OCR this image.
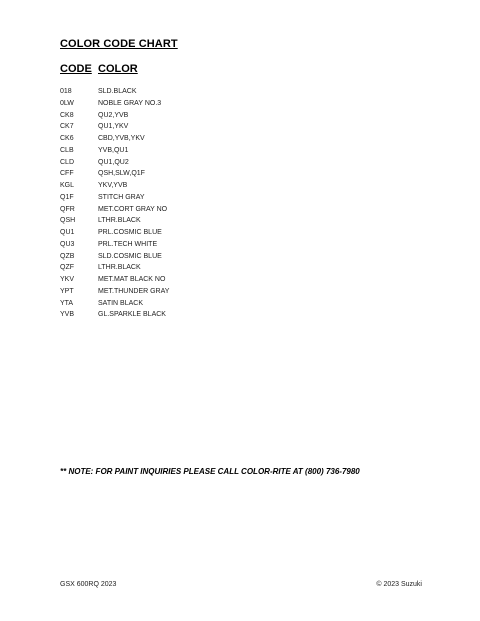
COLOR CODE CHART
CODE COLOR
018	SLD.BLACK
0LW	NOBLE GRAY NO.3
CK8	QU2,YVB
CK7	QU1,YKV
CK6	CBD,YVB,YKV
CLB	YVB,QU1
CLD	QU1,QU2
CFF	QSH,SLW,Q1F
KGL	YKV,YVB
Q1F	STITCH GRAY
QFR	MET.CORT GRAY NO
QSH	LTHR.BLACK
QU1	PRL.COSMIC BLUE
QU3	PRL.TECH WHITE
QZB	SLD.COSMIC BLUE
QZF	LTHR.BLACK
YKV	MET.MAT BLACK NO
YPT	MET.THUNDER GRAY
YTA	SATIN BLACK
YVB	GL.SPARKLE BLACK
** NOTE: FOR PAINT INQUIRIES PLEASE CALL COLOR-RITE AT (800) 736-7980
GSX 600RQ 2023	© 2023 Suzuki
